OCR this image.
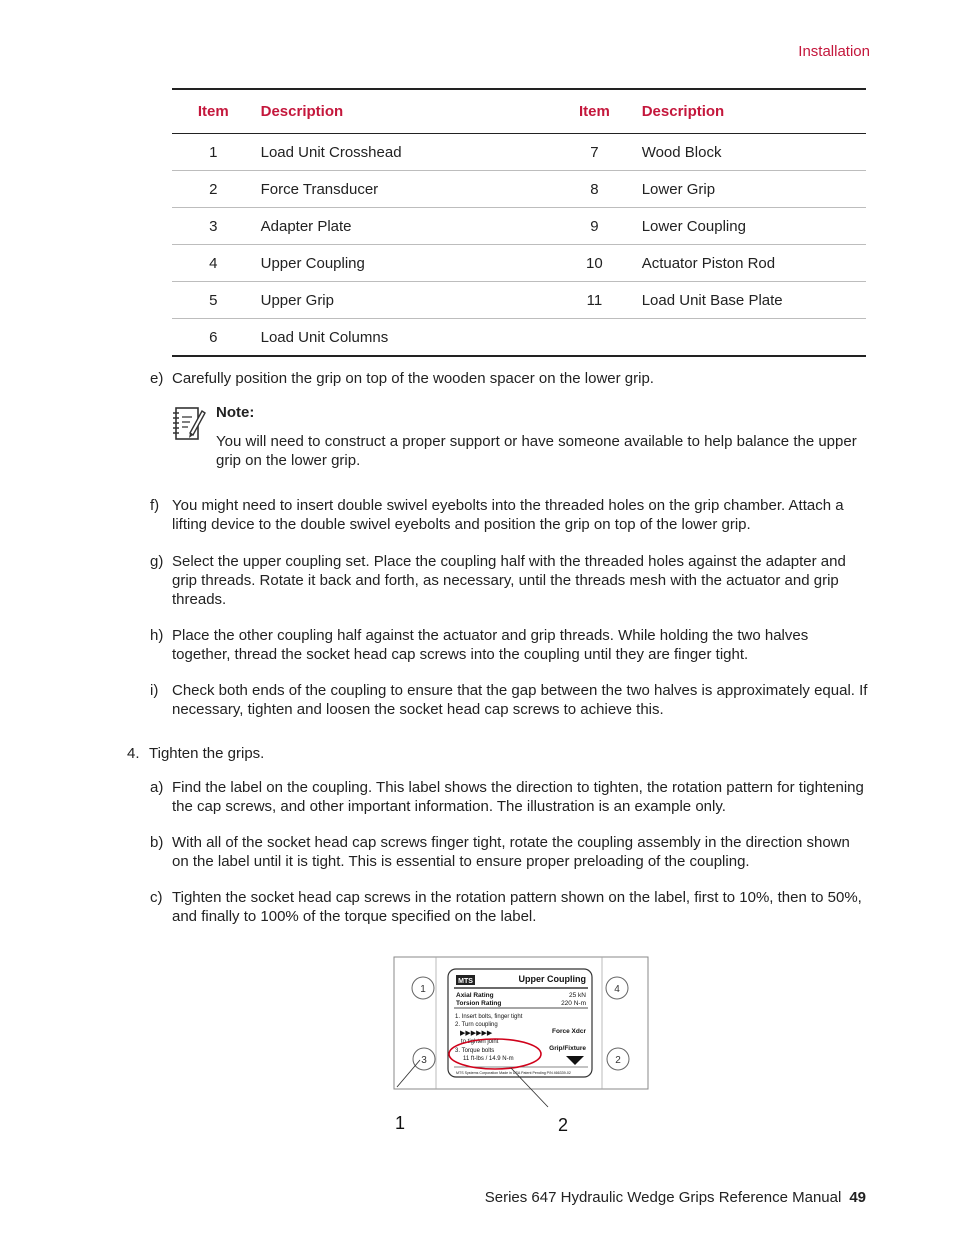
Installation
Item	Description	Item	Description
1	Load Unit Crosshead	7	Wood Block
2	Force Transducer	8	Lower Grip
3	Adapter Plate	9	Lower Coupling
4	Upper Coupling	10	Actuator Piston Rod
5	Upper Grip	11	Load Unit Base Plate
6	Load Unit Columns		
e) Carefully position the grip on top of the wooden spacer on the lower grip.
Note:
You will need to construct a proper support or have someone available to help balance the upper grip on the lower grip.
f) You might need to insert double swivel eyebolts into the threaded holes on the grip chamber. Attach a lifting device to the double swivel eyebolts and position the grip on top of the lower grip.
g) Select the upper coupling set. Place the coupling half with the threaded holes against the adapter and grip threads. Rotate it back and forth, as necessary, until the threads mesh with the actuator and grip threads.
h) Place the other coupling half against the actuator and grip threads. While holding the two halves together, thread the socket head cap screws into the coupling until they are finger tight.
i) Check both ends of the coupling to ensure that the gap between the two halves is approximately equal. If necessary, tighten and loosen the socket head cap screws to achieve this.
4. Tighten the grips.
a) Find the label on the coupling. This label shows the direction to tighten, the rotation pattern for tightening the cap screws, and other important information. The illustration is an example only.
b) With all of the socket head cap screws finger tight, rotate the coupling assembly in the direction shown on the label until it is tight. This is essential to ensure proper preloading of the coupling.
c) Tighten the socket head cap screws in the rotation pattern shown on the label, first to 10%, then to 50%, and finally to 100% of the torque specified on the label.
1	4
3	2
MTS	Upper Coupling
Axial Rating	25 kN
Torsion Rating	220 N-m
1. Insert bolts, finger tight
2. Turn coupling
▶▶▶▶▶▶	Force Xdcr
to tighten joint
Grip/Fixture
3. Torque bolts
11 ft-lbs / 14.9 N-m
MTS Systems Corporation Made in USA Patent Pending P/N 466339-02
1	2
Series 647 Hydraulic Wedge Grips Reference Manual 49
